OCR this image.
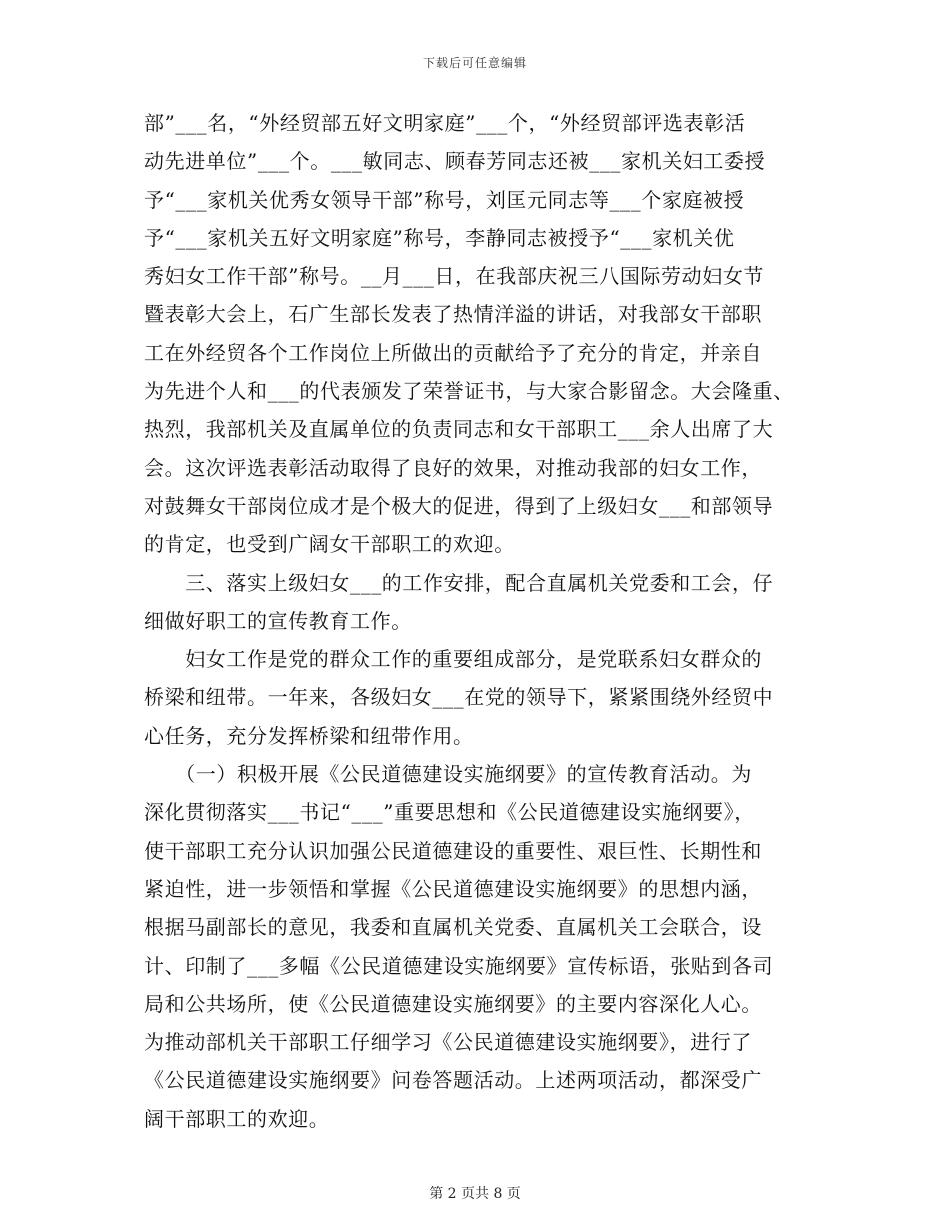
下载后可任意编辑
部”___名，“外经贸部五好文明家庭”___个，“外经贸部评选表彰活
动先进单位”___个。___敏同志、顾春芳同志还被___家机关妇工委授
予“___家机关优秀女领导干部”称号，刘匡元同志等___个家庭被授
予“___家机关五好文明家庭”称号，李静同志被授予“___家机关优
秀妇女工作干部”称号。__月___日，在我部庆祝三八国际劳动妇女节
暨表彰大会上，石广生部长发表了热情洋溢的讲话，对我部女干部职
工在外经贸各个工作岗位上所做出的贡献给予了充分的肯定，并亲自
为先进个人和___的代表颁发了荣誉证书，与大家合影留念。大会隆重、
热烈，我部机关及直属单位的负责同志和女干部职工___余人出席了大
会。这次评选表彰活动取得了良好的效果，对推动我部的妇女工作，
对鼓舞女干部岗位成才是个极大的促进，得到了上级妇女___和部领导
的肯定，也受到广阔女干部职工的欢迎。
　　三、落实上级妇女___的工作安排，配合直属机关党委和工会，仔
细做好职工的宣传教育工作。
　　妇女工作是党的群众工作的重要组成部分，是党联系妇女群众的
桥梁和纽带。一年来，各级妇女___在党的领导下，紧紧围绕外经贸中
心任务，充分发挥桥梁和纽带作用。
　　（一）积极开展《公民道德建设实施纲要》的宣传教育活动。为
深化贯彻落实___书记“___”重要思想和《公民道德建设实施纲要》，
使干部职工充分认识加强公民道德建设的重要性、艰巨性、长期性和
紧迫性，进一步领悟和掌握《公民道德建设实施纲要》的思想内涵，
根据马副部长的意见，我委和直属机关党委、直属机关工会联合，设
计、印制了___多幅《公民道德建设实施纲要》宣传标语，张贴到各司
局和公共场所，使《公民道德建设实施纲要》的主要内容深化人心。
为推动部机关干部职工仔细学习《公民道德建设实施纲要》，进行了
《公民道德建设实施纲要》问卷答题活动。上述两项活动，都深受广
阔干部职工的欢迎。
第 2 页共 8 页
